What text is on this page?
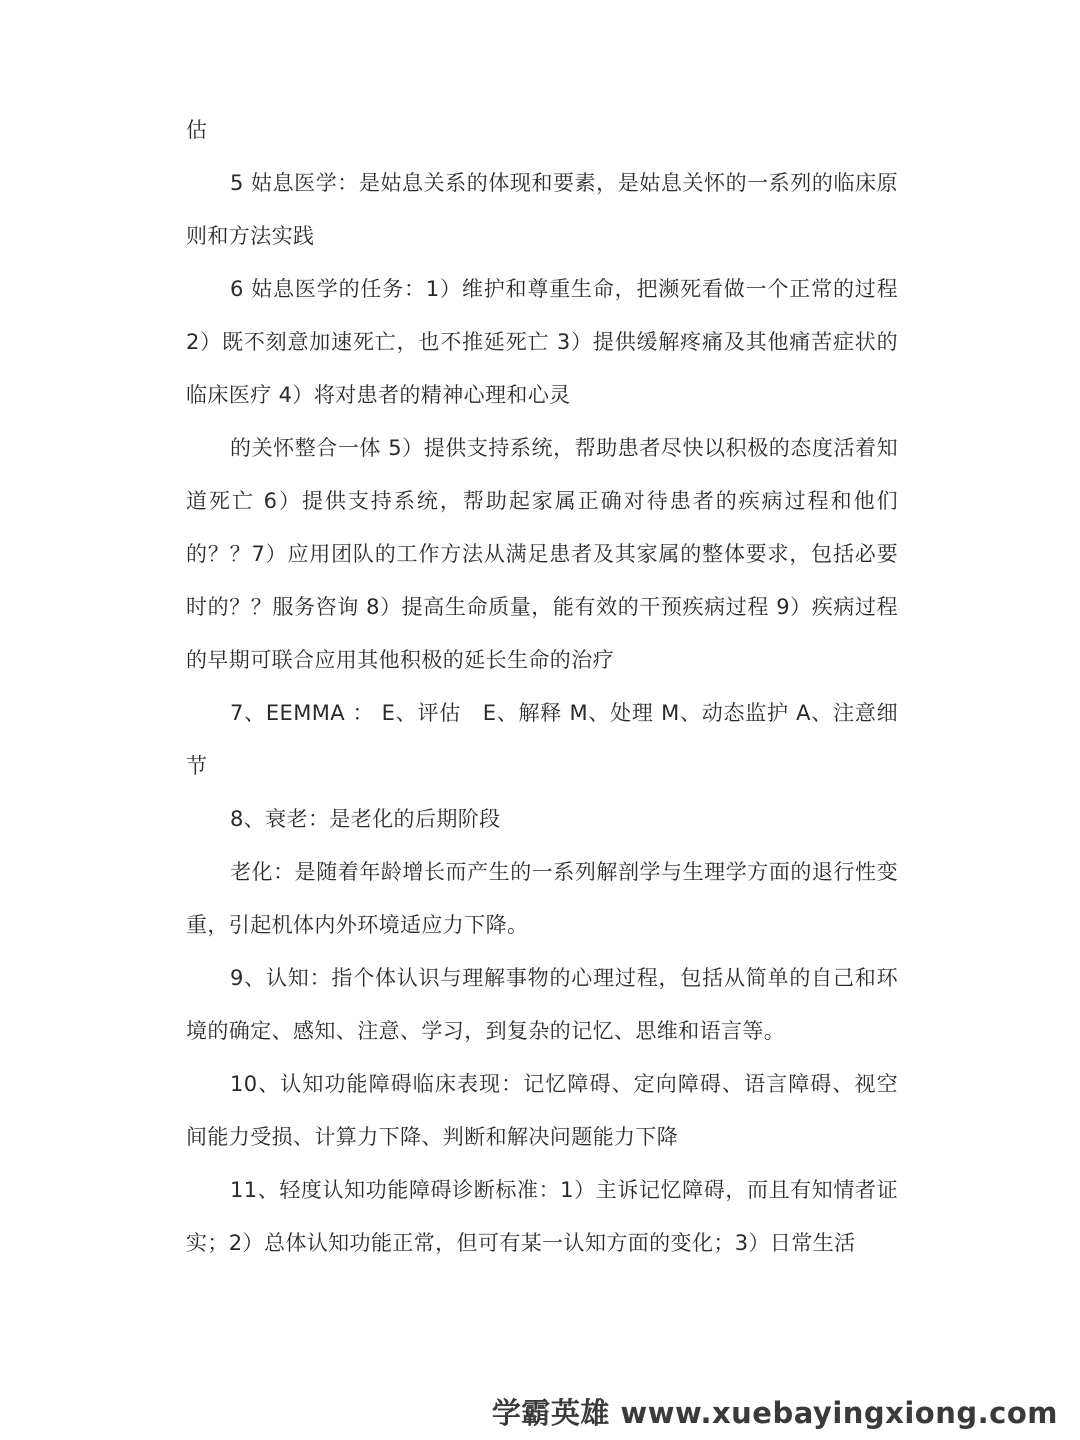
估

5 姑息医学：是姑息关系的体现和要素，是姑息关怀的一系列的临床原则和方法实践

6 姑息医学的任务：1）维护和尊重生命，把濒死看做一个正常的过程 2）既不刻意加速死亡，也不推延死亡 3）提供缓解疼痛及其他痛苦症状的临床医疗 4）将对患者的精神心理和心灵

的关怀整合一体 5）提供支持系统，帮助患者尽快以积极的态度活着知道死亡 6）提供支持系统，帮助起家属正确对待患者的疾病过程和他们的？？7）应用团队的工作方法从满足患者及其家属的整体要求，包括必要时的？？服务咨询 8）提高生命质量，能有效的干预疾病过程 9）疾病过程的早期可联合应用其他积极的延长生命的治疗

7、EEMMA ： E、评估　E、解释 M、处理 M、动态监护 A、注意细节

8、衰老：是老化的后期阶段

老化：是随着年龄增长而产生的一系列解剖学与生理学方面的退行性变重，引起机体内外环境适应力下降。

9、认知：指个体认识与理解事物的心理过程，包括从简单的自己和环境的确定、感知、注意、学习，到复杂的记忆、思维和语言等。

10、认知功能障碍临床表现：记忆障碍、定向障碍、语言障碍、视空间能力受损、计算力下降、判断和解决问题能力下降

11、轻度认知功能障碍诊断标准：1）主诉记忆障碍，而且有知情者证实；2）总体认知功能正常，但可有某一认知方面的变化；3）日常生活

学霸英雄 www.xuebayingxiong.com
